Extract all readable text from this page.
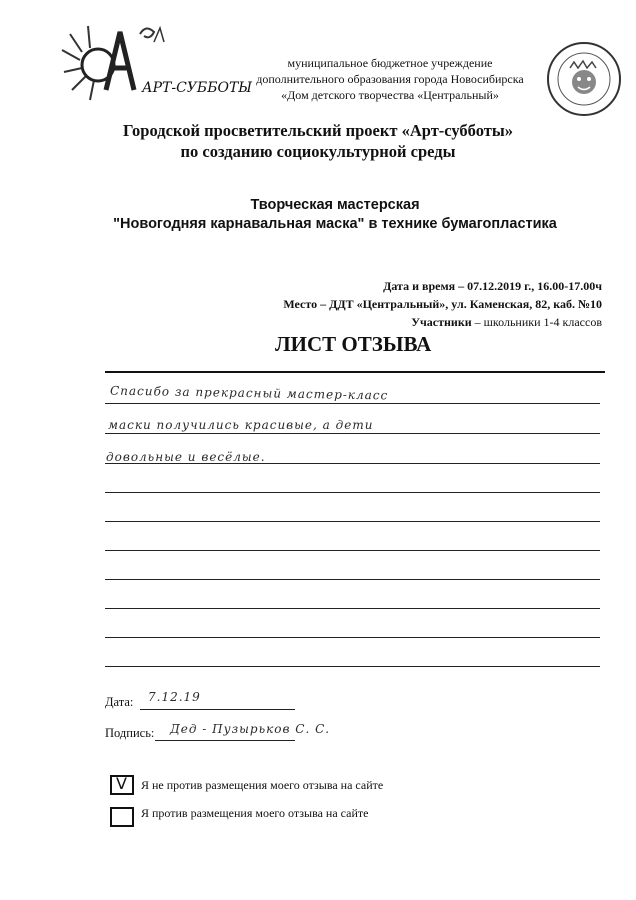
АРТ-СУББОТЫ
муниципальное бюджетное учреждение
дополнительного образования города Новосибирска
«Дом детского творчества «Центральный»
Городской просветительский проект «Арт-субботы»
по созданию социокультурной среды
Творческая мастерская
"Новогодняя карнавальная маска" в технике бумагопластика
Дата и время – 07.12.2019 г., 16.00-17.00ч
Место – ДДТ «Центральный», ул. Каменская, 82, каб. №10
Участники – школьники 1-4 классов
ЛИСТ ОТЗЫВА
Спасибо за прекрасный мастер-класс
маски получились красивые, а дети
довольные и весёлые.
Дата: 7.12.19
Подпись: Дед - Пузырьков С. С.
V Я не против размещения моего отзыва на сайте
Я против размещения моего отзыва на сайте
